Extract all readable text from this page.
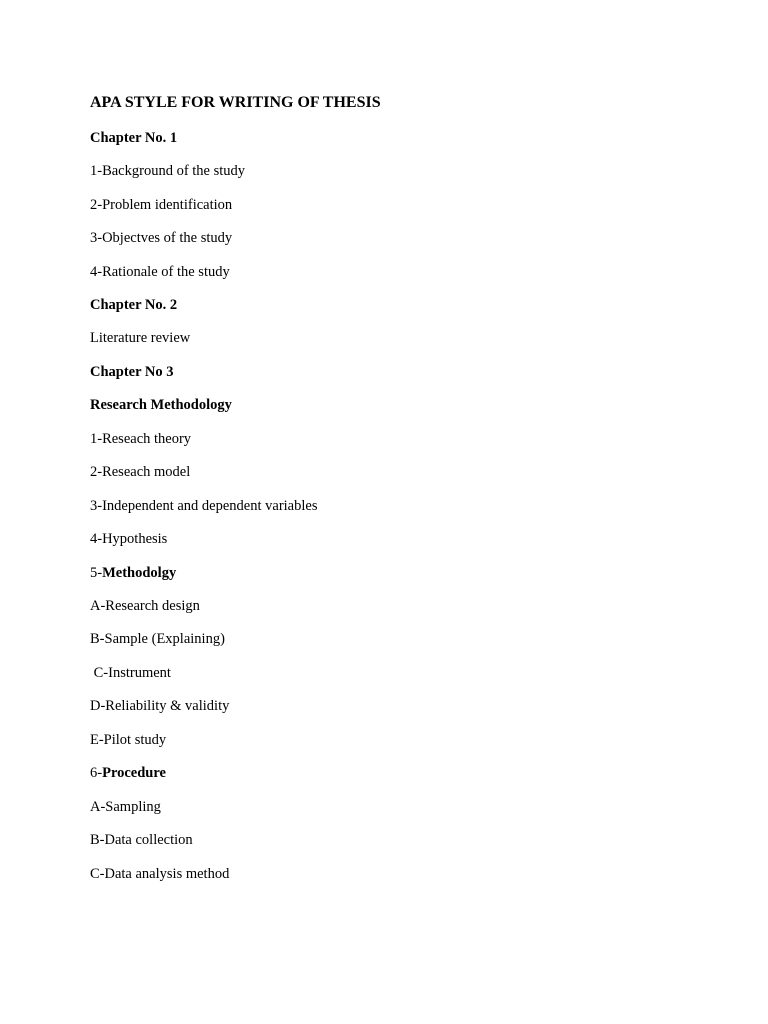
APA STYLE FOR WRITING OF THESIS
Chapter No. 1
1-Background of the study
2-Problem identification
3-Objectves of the study
4-Rationale of the study
Chapter No. 2
Literature review
Chapter No 3
Research Methodology
1-Reseach theory
2-Reseach model
3-Independent and dependent variables
4-Hypothesis
5-Methodolgy
A-Research design
B-Sample (Explaining)
C-Instrument
D-Reliability & validity
E-Pilot study
6-Procedure
A-Sampling
B-Data collection
C-Data analysis method
